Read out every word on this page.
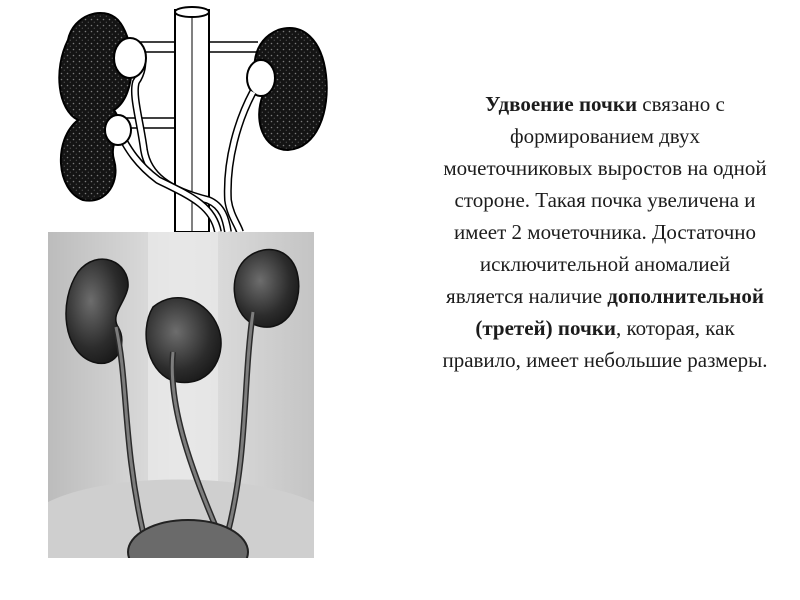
Удвоение почки связано с формированием двух мочеточниковых выростов на одной стороне. Такая почка увеличена и имеет 2 мочеточника. Достаточно исключительной аномалией является наличие дополнительной (третей) почки, которая, как правило, имеет небольшие размеры.
